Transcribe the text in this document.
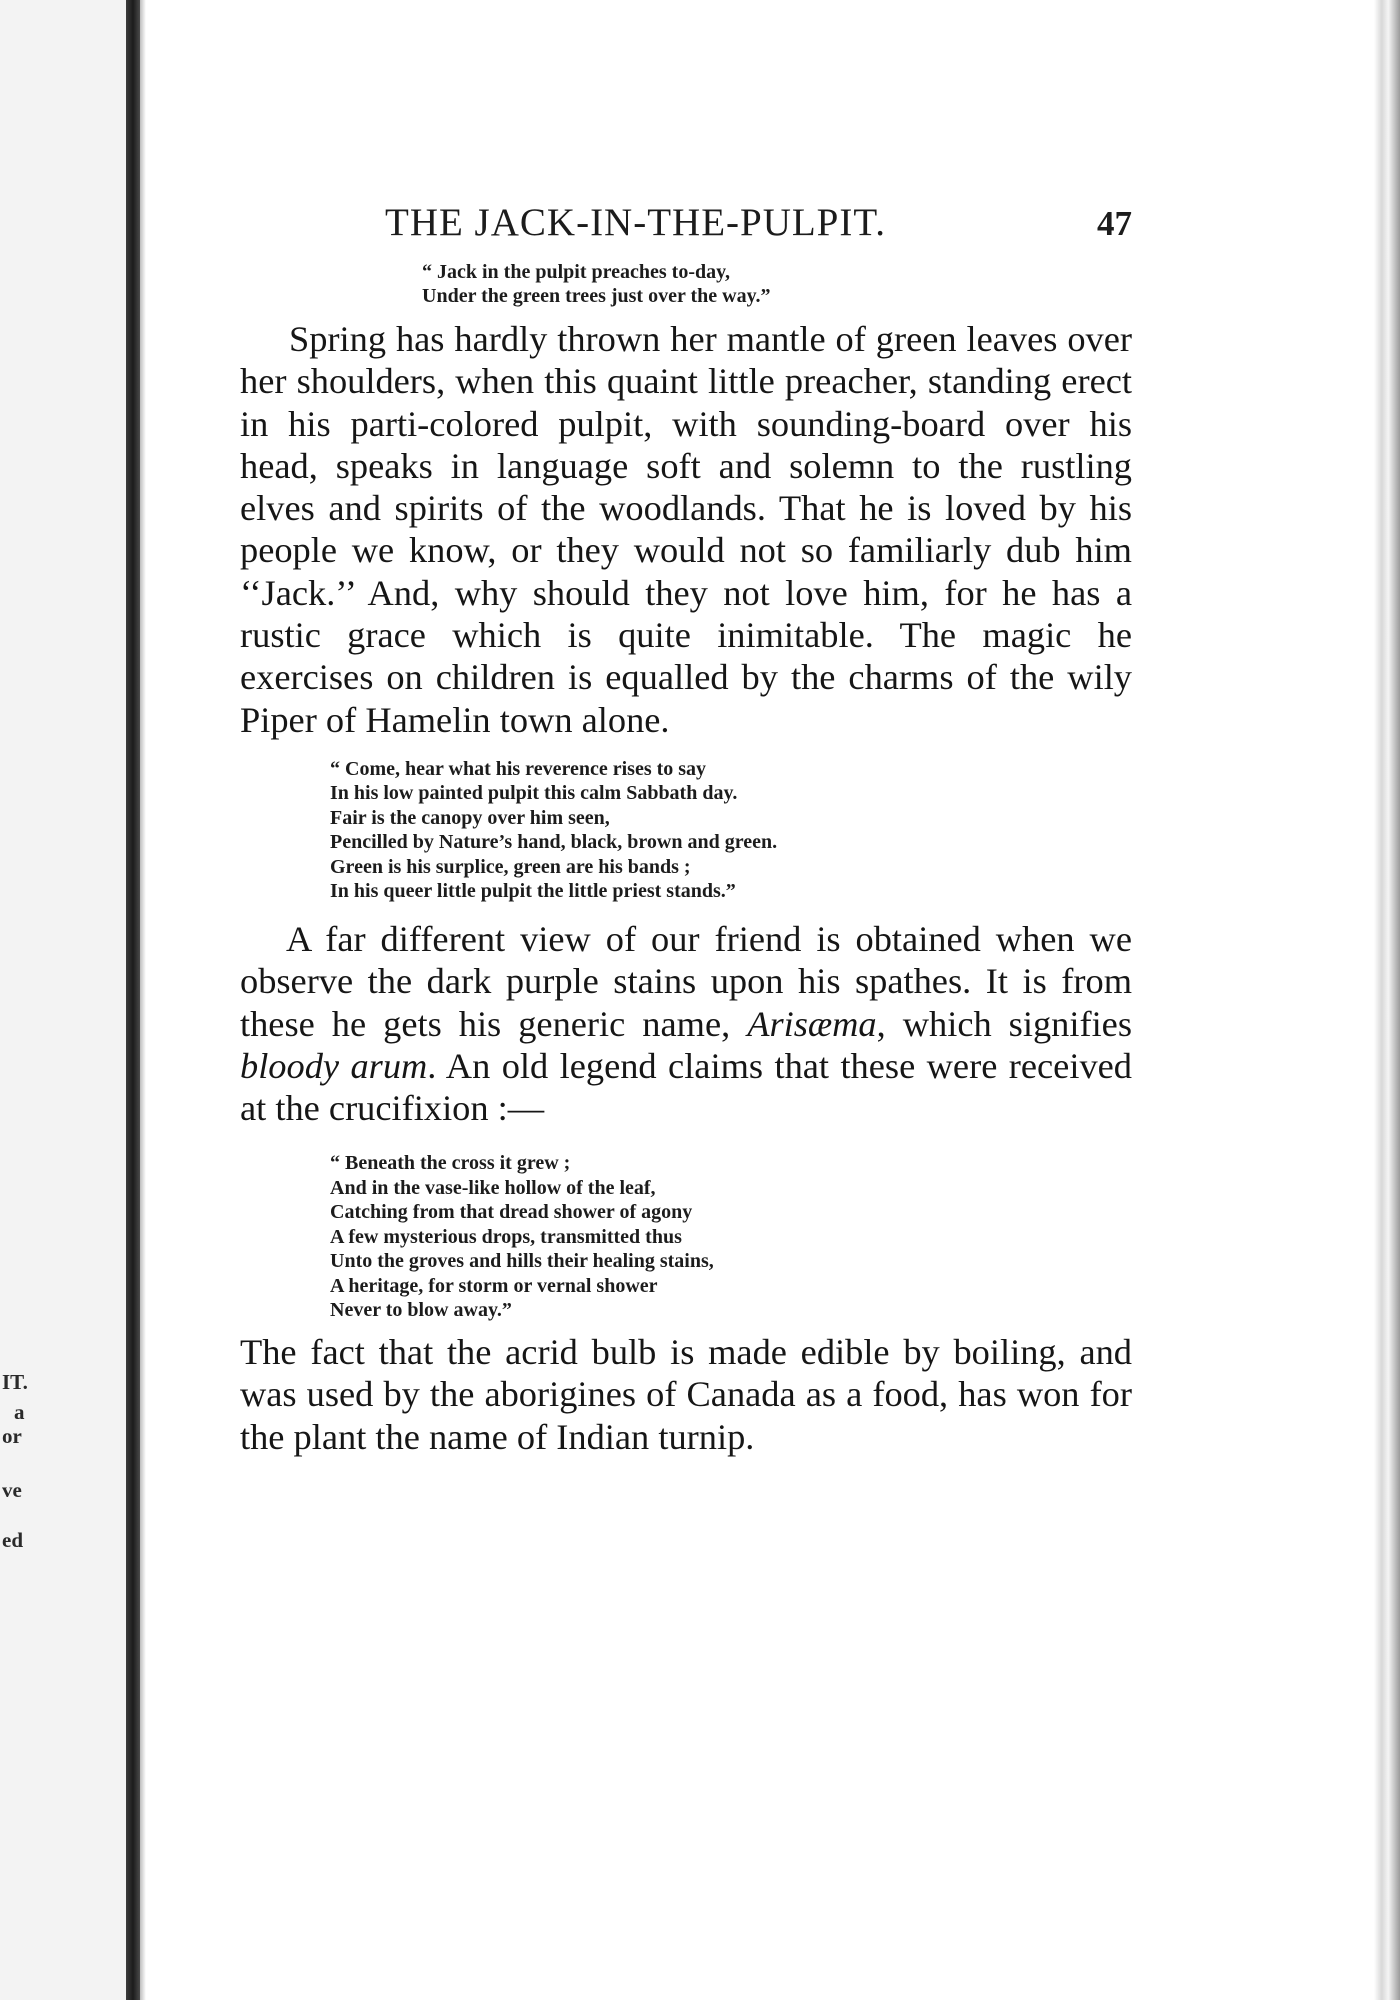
IT.
a
or
ve
ed
THE JACK-IN-THE-PULPIT.	47
“ Jack in the pulpit preaches to-day,
Under the green trees just over the way.”

Spring has hardly thrown her mantle of green leaves over her shoulders, when this quaint little preacher, standing erect in his parti-colored pulpit, with sounding-board over his head, speaks in language soft and solemn to the rustling elves and spirits of the woodlands. That he is loved by his people we know, or they would not so familiarly dub him ‘‘Jack.’’ And, why should they not love him, for he has a rustic grace which is quite inimitable. The magic he exercises on children is equalled by the charms of the wily Piper of Hamelin town alone.

“ Come, hear what his reverence rises to say
In his low painted pulpit this calm Sabbath day.
Fair is the canopy over him seen,
Pencilled by Nature’s hand, black, brown and green.
Green is his surplice, green are his bands ;
In his queer little pulpit the little priest stands.”

A far different view of our friend is obtained when we observe the dark purple stains upon his spathes. It is from these he gets his generic name, Arisæma, which signifies bloody arum. An old legend claims that these were received at the crucifixion :—

“ Beneath the cross it grew ;
And in the vase-like hollow of the leaf,
Catching from that dread shower of agony
A few mysterious drops, transmitted thus
Unto the groves and hills their healing stains,
A heritage, for storm or vernal shower
Never to blow away.”

The fact that the acrid bulb is made edible by boiling, and was used by the aborigines of Canada as a food, has won for the plant the name of Indian turnip.
